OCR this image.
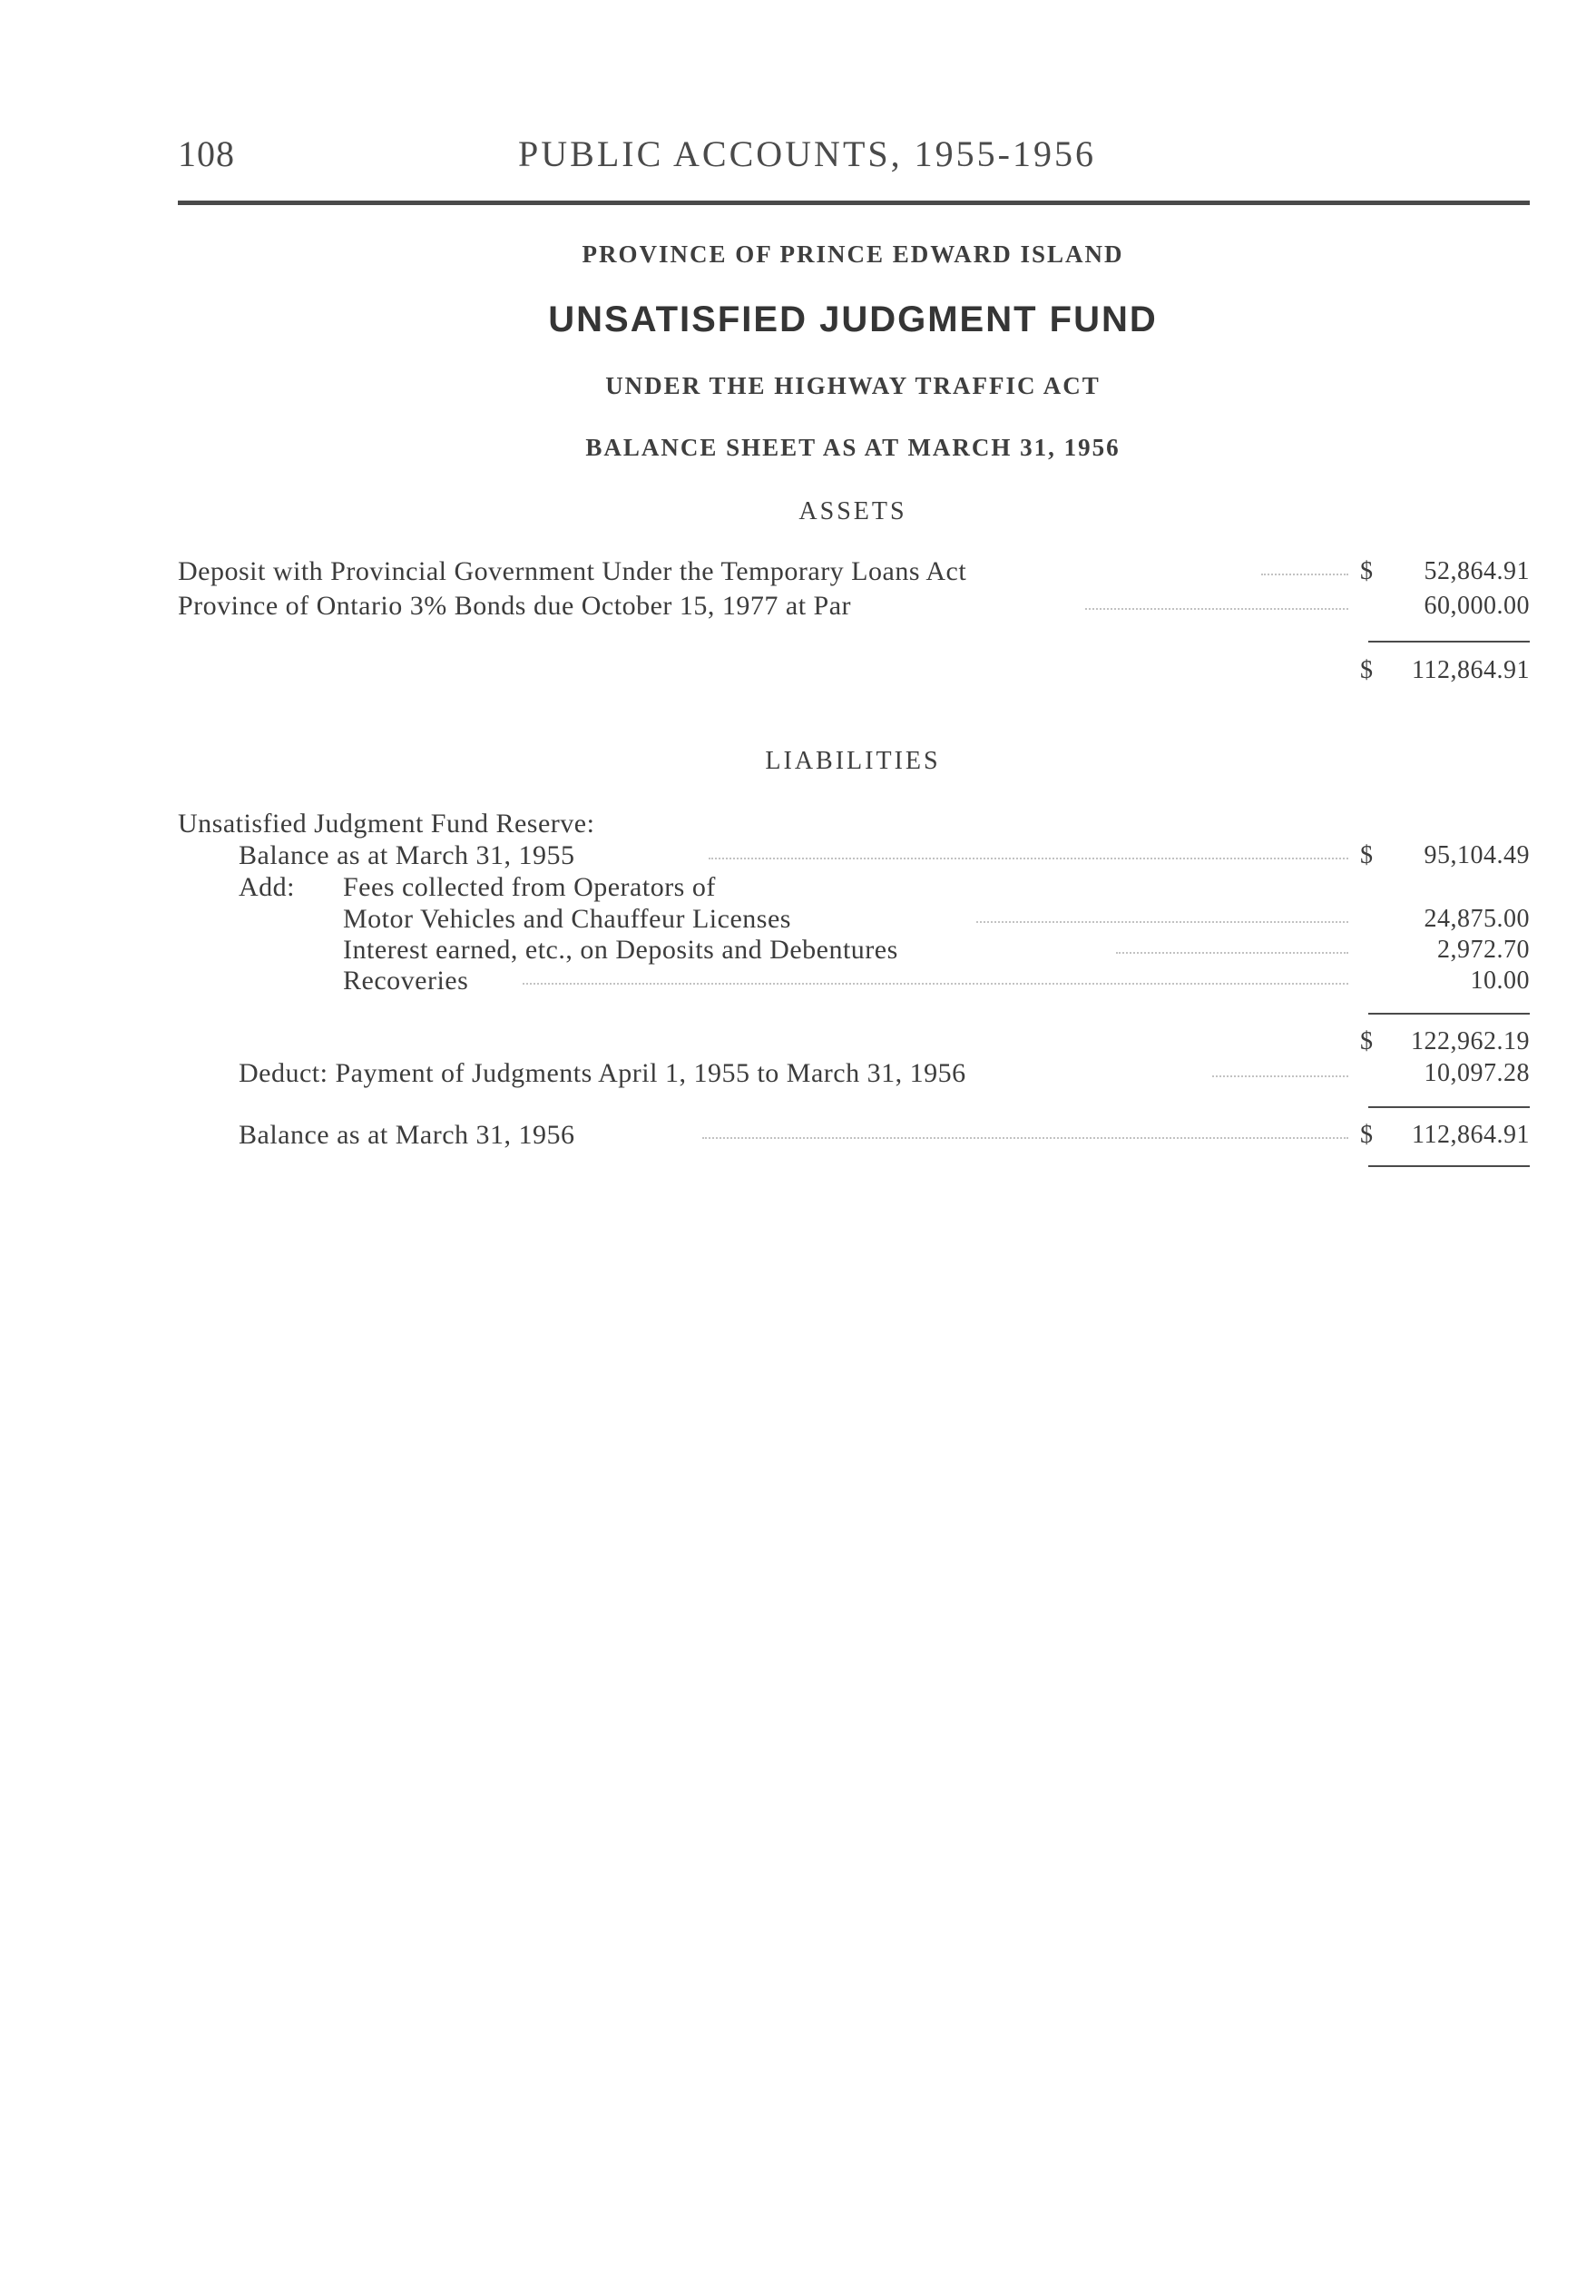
108	PUBLIC ACCOUNTS, 1955-1956
PROVINCE OF PRINCE EDWARD ISLAND
UNSATISFIED JUDGMENT FUND
UNDER THE HIGHWAY TRAFFIC ACT
BALANCE SHEET AS AT MARCH 31, 1956
ASSETS
Deposit with Provincial Government Under the Temporary Loans Act	$ 52,864.91
Province of Ontario 3% Bonds due October 15, 1977 at Par	60,000.00
$ 112,864.91
LIABILITIES
Unsatisfied Judgment Fund Reserve:
Balance as at March 31, 1955	$ 95,104.49
Add: Fees collected from Operators of
Motor Vehicles and Chauffeur Licenses	24,875.00
Interest earned, etc., on Deposits and Debentures	2,972.70
Recoveries	10.00
$ 122,962.19
Deduct: Payment of Judgments April 1, 1955 to March 31, 1956	10,097.28
Balance as at March 31, 1956	$ 112,864.91
